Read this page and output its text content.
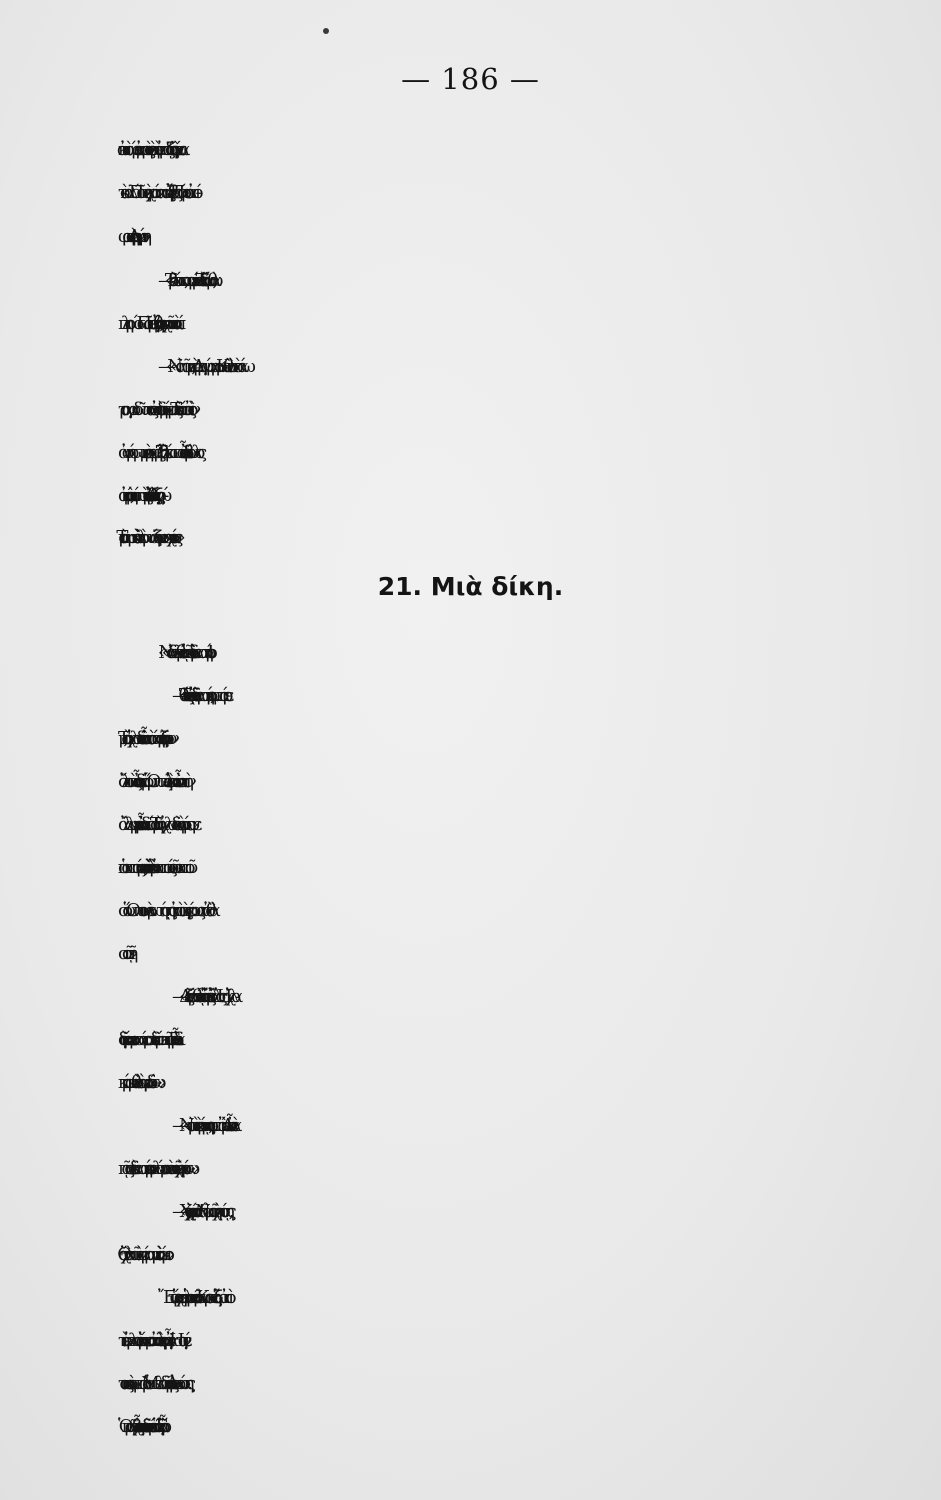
— 186 —
κι ἀπὸ τώρα κι ἐμπρὸς νὰ μὴν ἐμποδίζῃς νὰ γίνεται
τὸ καλό. Πᾶνε τὰ χρόνια ποὺ ἤξερες ! Πάρε το ἀπό-
φαση, κὺρ ʼΑργύρη ».
— « Τὸ βλέπω, καημένο παιδί. Τί νὰ κάμω ; θὰ
πληρώσω. Πᾶμε τώρα, γιατὶ θʼ ἀνησυχοῦν στὸ σπίτι ».
— « Νὰ πᾶμε, κὺρ ʼΑργύρη μου. Καὶ θὰ σὲ πάω
τραγουδῶντας ἀπὸ το δρόμο μας. Τὸ δικό σου ἂς τὸν
ἀφήσωμε νὰ ρημάξῃ. Τὸ βλέπω ποὺ εἶσαι δίβουλος
ἀκόμη, μὰ πιστεύω πὼς μὲ τὸν καιρὸ θʼ ἀλλάξῃς γνώ-
μη. Τὸ σωστὸ καὶ τὸ καλὸ φωνάζουν μοναχά τους»...
21. Μιὰ δίκη.
« Νὰ δοῦμε τί θὰ εἰπῇ καὶ τὸ δικαστήριο ! »
— « Τί θέλεις νὰ εἰπῇ τὸ δικαστήριο, κουμπάρε
μου ; Τὴν ἀχλαδιά. ποὺ εἶναι στὸ σύνορο, τὴν ξέρουν
ὅλοι πὼς εἶναι δική μου. Ὅπως ἡ ἐλιὰ ποὺ εἶναι στὴν
ἄλλη μεριὰ εἶναι δική σου ! Τὴν ἀχλαδιὰ τὴ φύτεψε
ὁ παππούς μου, καὶ τὴν ἐλιὰ ὁ παππούς τοῦ παπποῦ
σου. Ὅποιον νὰ ρωτήσῃς ἀπὸ τοὺς γέρους αὐτὸ θὰ
σοῦ πῇ ».
— « Δὲν ξέρω τί θὰ πῇ ὁ ἕνας κι ὁ ἄλλος. Ἡ ἀχλα-
διὰ γέρνει περισσότερο στὸ δικό μου κτῆμα. Εἶναι δι-
κή μου καὶ θὰ τὴν κερδίσω ».
— « Νὰ μὴν τὸ κάμῃς, κουμπάρε. Ἂν εἶναι νὰ
πᾷς στὸ δικαστήριο καλύτερα νὰ σοῦ τὴ χαρίσω ».
— « Χὰ χά... τὸ χαριστή ! Νὰ μοῦ τὴ χαρίσῃς,
ὄχι. Θὰ σοῦ τὴν πάρω μὲ τὸ νόμο ».
Ἔτσι ἄρχισε ἡ φιλονικία μιὰ Κυριακὴ ἔξω ἀπὸ
τὴν ἐκκλησιὰ ὕστερα ἀπὸ τὴ λειτουργία. Ἦταν γεί-
τονες καὶ κουμπάροι ὁ Μπελοδῆμος κι ὁ Λυκούσης.
Ὁ πρῶτος εἶχε βαφτίσει τοῦ δευτέρου ἕνα ἀγόρι. Εἶ-
